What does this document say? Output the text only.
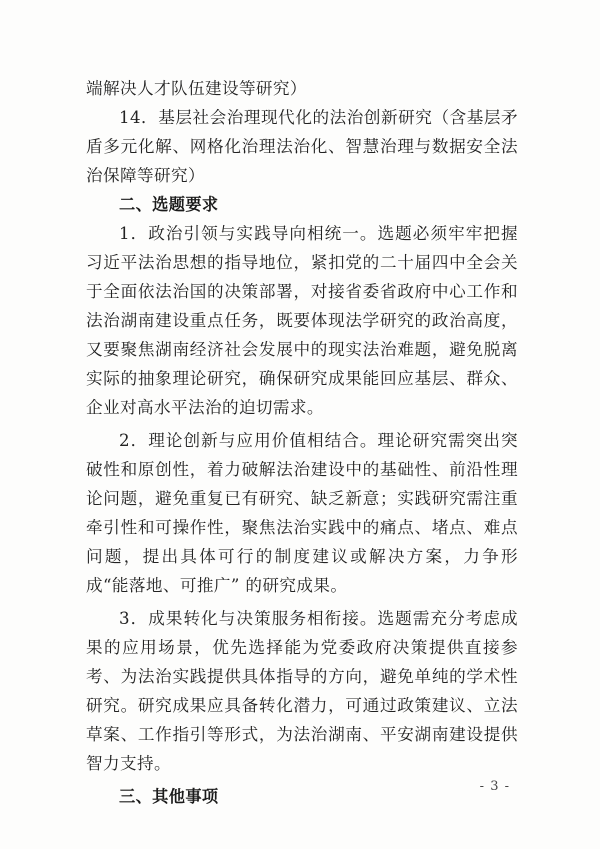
端解决人才队伍建设等研究）

14．基层社会治理现代化的法治创新研究（含基层矛盾多元化解、网格化治理法治化、智慧治理与数据安全法治保障等研究）

二、选题要求

1．政治引领与实践导向相统一。选题必须牢牢把握习近平法治思想的指导地位，紧扣党的二十届四中全会关于全面依法治国的决策部署，对接省委省政府中心工作和法治湖南建设重点任务，既要体现法学研究的政治高度，又要聚焦湖南经济社会发展中的现实法治难题，避免脱离实际的抽象理论研究，确保研究成果能回应基层、群众、企业对高水平法治的迫切需求。

2．理论创新与应用价值相结合。理论研究需突出突破性和原创性，着力破解法治建设中的基础性、前沿性理论问题，避免重复已有研究、缺乏新意；实践研究需注重牵引性和可操作性，聚焦法治实践中的痛点、堵点、难点问题，提出具体可行的制度建议或解决方案，力争形成“能落地、可推广” 的研究成果。

3．成果转化与决策服务相衔接。选题需充分考虑成果的应用场景，优先选择能为党委政府决策提供直接参考、为法治实践提供具体指导的方向，避免单纯的学术性研究。研究成果应具备转化潜力，可通过政策建议、立法草案、工作指引等形式，为法治湖南、平安湖南建设提供智力支持。

三、其他事项

- 3 -
